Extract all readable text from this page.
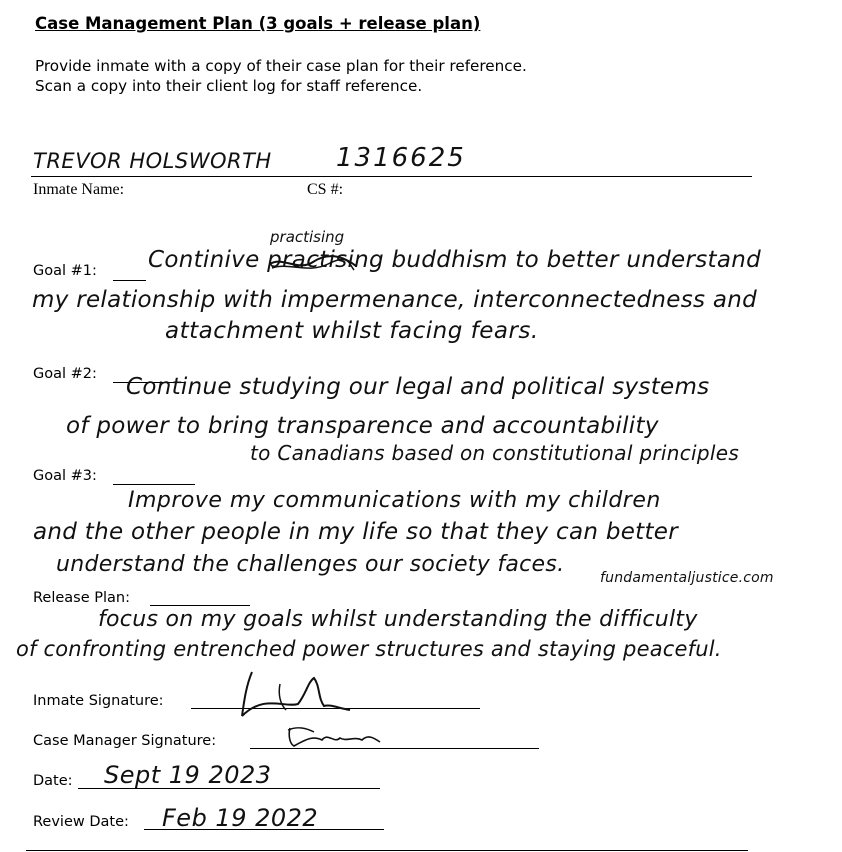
Case Management Plan (3 goals + release plan)
Provide inmate with a copy of their case plan for their reference.
Scan a copy into their client log for staff reference.
TREVOR HOLSWORTH 1316625
Inmate Name:	CS #:
Goal #1:
practising
Continive practising buddhism to better understand
my relationship with impermenance, interconnectedness and
attachment whilst facing fears.
Goal #2: Continue studying our legal and political systems
of power to bring transparence and accountability
to Canadians based on constitutional principles
Goal #3:
Improve my communications with my children
and the other people in my life so that they can better
understand the challenges our society faces.
fundamentaljustice.com
Release Plan:
focus on my goals whilst understanding the difficulty
of confronting entrenched power structures and staying peaceful.
Inmate Signature:
Case Manager Signature:
Date: Sept 19 2023
Review Date: Feb 19 2022
